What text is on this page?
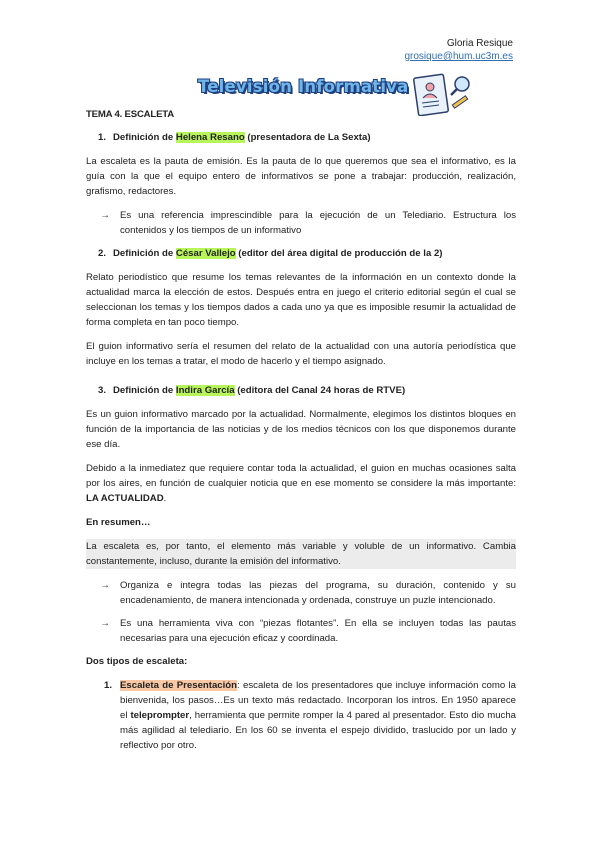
Gloria Resique
grosique@hum.uc3m.es
Televisión Informativa
TEMA 4. ESCALETA
1. Definición de Helena Resano (presentadora de La Sexta)

La escaleta es la pauta de emisión. Es la pauta de lo que queremos que sea el informativo, es la guía con la que el equipo entero de informativos se pone a trabajar: producción, realización, grafismo, redactores.

→	Es una referencia imprescindible para la ejecución de un Telediario. Estructura los contenidos y los tiempos de un informativo
2. Definición de César Vallejo (editor del área digital de producción de la 2)

Relato periodístico que resume los temas relevantes de la información en un contexto donde la actualidad marca la elección de estos. Después entra en juego el criterio editorial según el cual se seleccionan los temas y los tiempos dados a cada uno ya que es imposible resumir la actualidad de forma completa en tan poco tiempo.

El guion informativo sería el resumen del relato de la actualidad con una autoría periodística que incluye en los temas a tratar, el modo de hacerlo y el tiempo asignado.

3. Definición de Indira García (editora del Canal 24 horas de RTVE)

Es un guion informativo marcado por la actualidad. Normalmente, elegimos los distintos bloques en función de la importancia de las noticias y de los medios técnicos con los que disponemos durante ese día.

Debido a la inmediatez que requiere contar toda la actualidad, el guion en muchas ocasiones salta por los aires, en función de cualquier noticia que en ese momento se considere la más importante: LA ACTUALIDAD.

En resumen…

La escaleta es, por tanto, el elemento más variable y voluble de un informativo. Cambia constantemente, incluso, durante la emisión del informativo.

→	Organiza e integra todas las piezas del programa, su duración, contenido y su encadenamiento, de manera intencionada y ordenada, construye un puzle intencionado.
→	Es una herramienta viva con “piezas flotantes”. En ella se incluyen todas las pautas necesarias para una ejecución eficaz y coordinada.

Dos tipos de escaleta:

1. Escaleta de Presentación: escaleta de los presentadores que incluye información como la bienvenida, los pasos…Es un texto más redactado. Incorporan los intros. En 1950 aparece el teleprompter, herramienta que permite romper la 4 pared al presentador. Esto dio mucha más agilidad al telediario. En los 60 se inventa el espejo dividido, traslucido por un lado y reflectivo por otro.
